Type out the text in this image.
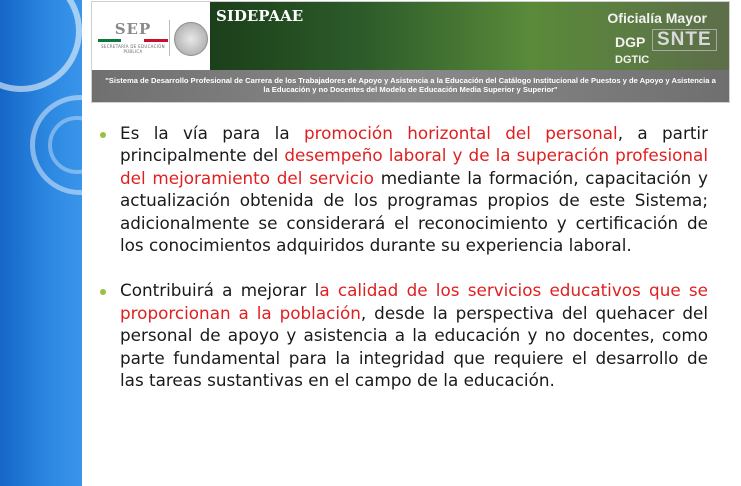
SEP
SECRETARÍA DE EDUCACIÓN PÚBLICA
SIDEPAAE	Oficialía Mayor
DGP SNTE
DGTIC
"Sistema de Desarrollo Profesional de Carrera de los Trabajadores de Apoyo y Asistencia a la Educación del Catálogo Institucional de Puestos y de Apoyo y Asistencia a la Educación y no Docentes del Modelo de Educación Media Superior y Superior"

Es la vía para la promoción horizontal del personal, a partir principalmente del desempeño laboral y de la superación profesional del mejoramiento del servicio mediante la formación, capacitación y actualización obtenida de los programas propios de este Sistema; adicionalmente se considerará el reconocimiento y certificación de los conocimientos adquiridos durante su experiencia laboral.

Contribuirá a mejorar la calidad de los servicios educativos que se proporcionan a la población, desde la perspectiva del quehacer del personal de apoyo y asistencia a la educación y no docentes, como parte fundamental para la integridad que requiere el desarrollo de las tareas sustantivas en el campo de la educación.
